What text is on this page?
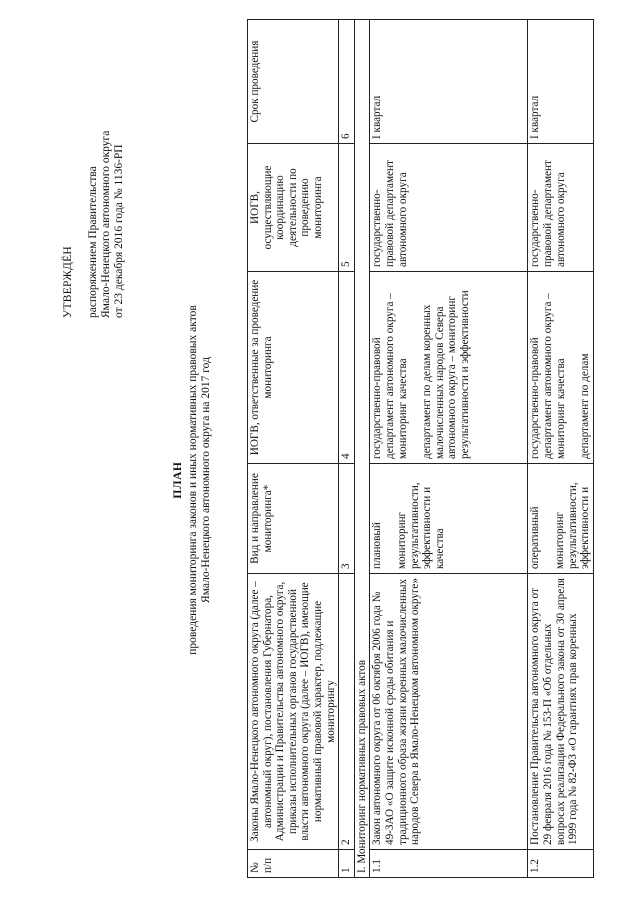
УТВЕРЖДЁН распоряжением Правительства Ямало-Ненецкого автономного округа от 23 декабря 2016 года № 1136-РП
ПЛАН проведения мониторинга законов и иных нормативных правовых актов Ямало-Ненецкого автономного округа на 2017 год
№ п/п	Законы Ямало-Ненецкого автономного округа (далее – автономный округ), постановления Губернатора, Администрации и Правительства автономного округа, приказы исполнительных органов государственной власти автономного округа (далее – ИОГВ), имеющие нормативный правовой характер, подлежащие мониторингу	Вид и направление мониторинга*	ИОГВ, ответственные за проведение мониторинга	ИОГВ, осуществляющие координацию деятельности по проведению мониторинга	Срок проведения
1	2	3	4	5	6
I. Мониторинг нормативных правовых актов					
1.1	Закон автономного округа от 06 октября 2006 года № 49-ЗАО «О защите исконной среды обитания и традиционного образа жизни коренных малочисленных народов Севера в Ямало-Ненецком автономном округе»	плановый мониторинг результативности, эффективности и качества	государственно-правовой департамент автономного округа – мониторинг качества департамент по делам коренных малочисленных народов Севера автономного округа – мониторинг результативности и эффективности	государственно-правовой департамент автономного округа	I квартал
1.2	Постановление Правительства автономного округа от 29 февраля 2016 года № 153-П «Об отдельных вопросах реализации Федерального закона от 30 апреля 1999 года № 82-ФЗ «О гарантиях прав коренных	оперативный мониторинг результативности, эффективности и	государственно-правовой департамент автономного округа – мониторинг качества департамент по делам	государственно-правовой департамент автономного округа	I квартал
